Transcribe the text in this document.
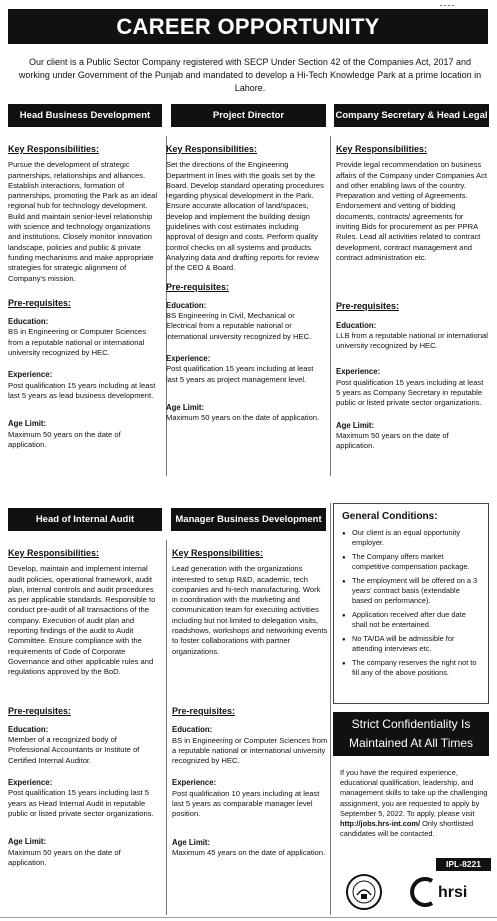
ـ ـ ـ ـ
CAREER OPPORTUNITY
Our client is a Public Sector Company registered with SECP Under Section 42 of the Companies Act, 2017 and working under Government of the Punjab and mandated to develop a Hi-Tech Knowledge Park at a prime location in Lahore.
Head Business Development	Project Director	Company Secretary & Head Legal
Key Responsibilities:
Pursue the development of strategic partnerships, relationships and alliances. Establish interactions, formation of partnerships, promoting the Park as an ideal regional hub for technology development. Build and maintain senior-level relationship with science and technology organizations and institutions. Closely monitor innovation landscape, policies and public & private funding mechanisms and make appropriate strategies for strategic alignment of Company's mission.
Pre-requisites:
Education:
BS in Engineering or Computer Sciences from a reputable national or international university recognized by HEC.
Experience:
Post qualification 15 years including at least last 5 years as lead business development.
Age Limit:
Maximum 50 years on the date of application.
Key Responsibilities:
Set the directions of the Engineering Department in lines with the goals set by the Board. Develop standard operating procedures regarding physical development in the Park. Ensure accurate allocation of land/spaces, develop and implement the building design guidelines with cost estimates including approval of design and costs. Perform quality control checks on all systems and products. Analyzing data and drafting reports for review of the CEO & Board.
Pre-requisites:
Education:
BS Engineering in Civil, Mechanical or Electrical from a reputable national or international university recognized by HEC.
Experience:
Post qualification 15 years including at least last 5 years as project management level.
Age Limit:
Maximum 50 years on the date of application.
Key Responsibilities:
Provide legal recommendation on business affairs of the Company under Companies Act and other enabling laws of the country. Preparation and vetting of Agreements. Endorsement and vetting of bidding documents, contracts/ agreements for inviting Bids for procurement as per PPRA Rules. Lead all activities related to contract development, contract management and contract administration etc.
Pre-requisites:
Education:
LLB from a reputable national or international university recognized by HEC.
Experience:
Post qualification 15 years including at least 5 years as Company Secretary in reputable public or listed private sector organizations.
Age Limit:
Maximum 50 years on the date of application.
Head of Internal Audit	Manager Business Development
Key Responsibilities:
Develop, maintain and implement internal audit policies, operational framework, audit plan, internal controls and audit procedures as per applicable standards. Responsible to conduct pre-audit of all transactions of the company. Execution of audit plan and reporting findings of the audit to Audit Committee. Ensure compliance with the requirements of Code of Corporate Governance and other applicable rules and regulations approved by the BoD.
Pre-requisites:
Education:
Member of a recognized body of Professional Accountants or Institute of Certified Internal Auditor.
Experience:
Post qualification 15 years including last 5 years as Head Internal Audit in reputable public or listed private sector organizations.
Age Limit:
Maximum 50 years on the date of application.
Key Responsibilities:
Lead generation with the organizations interested to setup R&D, academic, tech companies and hi-tech manufacturing. Work in coordination with the marketing and communication team for executing activities including but not limited to delegation visits, roadshows, workshops and networking events to foster collaborations with partner organizations.
Pre-requisites:
Education:
BS in Engineering or Computer Sciences from a reputable national or international university recognized by HEC.
Experience:
Post qualification 10 years including at least last 5 years as comparable manager level position.
Age Limit:
Maximum 45 years on the date of application.
General Conditions:
● Our client is an equal opportunity employer.
● The Company offers market competitive compensation package.
● The employment will be offered on a 3 years' contract basis (extendable based on performance).
● Application received after due date shall not be entertained.
● No TA/DA will be admissible for attending interviews etc.
● The company reserves the right not to fill any of the above positions.
Strict Confidentiality Is Maintained At All Times
If you have the required experience, educational qualification, leadership, and management skills to take up the challenging assignment, you are requested to apply by September 5, 2022. To apply, please visit http://jobs.hrs-int.com/ Only shortlisted candidates will be contacted.
IPL-8221
hrsi
